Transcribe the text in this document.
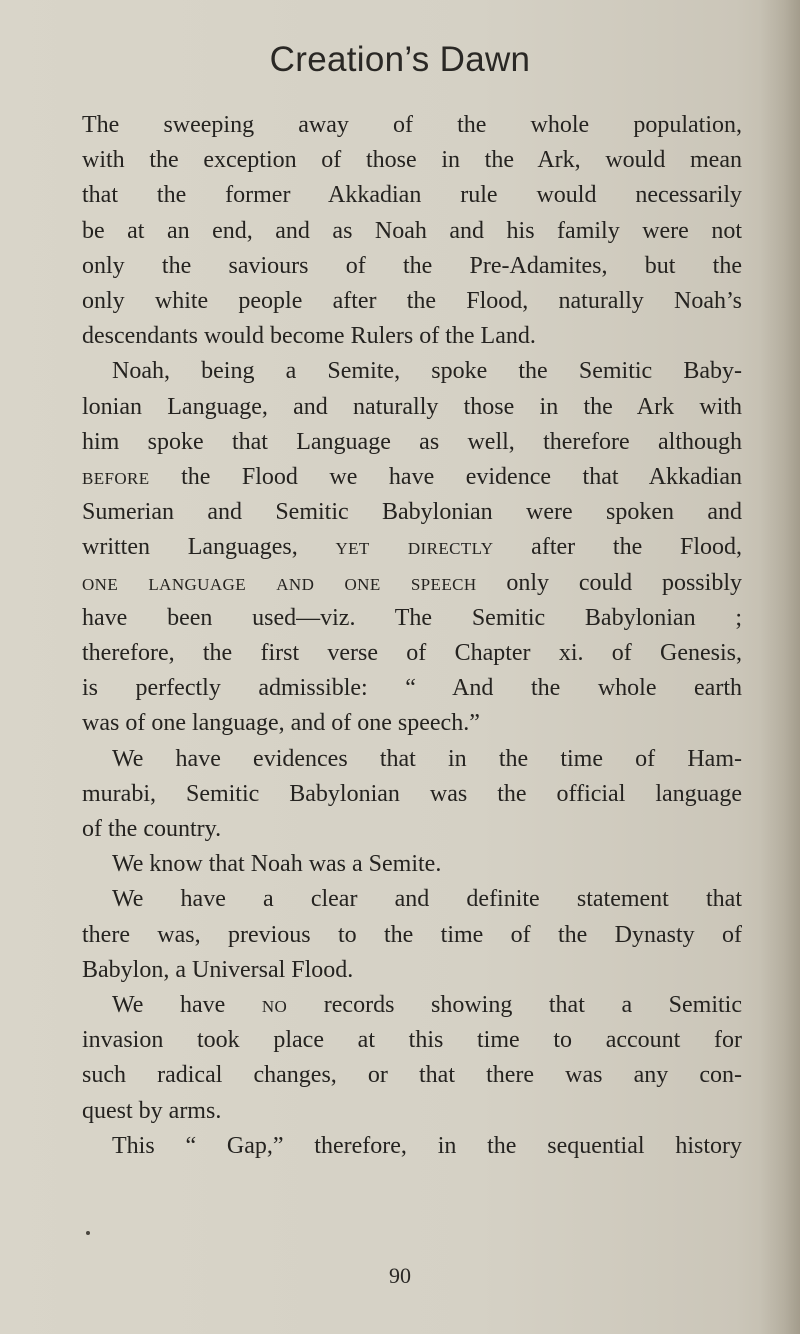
Creation’s Dawn
The sweeping away of the whole population,
with the exception of those in the Ark, would mean
that the former Akkadian rule would necessarily
be at an end, and as Noah and his family were not
only the saviours of the Pre-Adamites, but the
only white people after the Flood, naturally Noah’s
descendants would become Rulers of the Land.
Noah, being a Semite, spoke the Semitic Baby-
lonian Language, and naturally those in the Ark with
him spoke that Language as well, therefore although
before the Flood we have evidence that Akkadian
Sumerian and Semitic Babylonian were spoken and
written Languages, yet directly after the Flood,
one language and one speech only could possibly
have been used—viz. The Semitic Babylonian ;
therefore, the first verse of Chapter xi. of Genesis,
is perfectly admissible: “ And the whole earth
was of one language, and of one speech.”
We have evidences that in the time of Ham-
murabi, Semitic Babylonian was the official language
of the country.
We know that Noah was a Semite.
We have a clear and definite statement that
there was, previous to the time of the Dynasty of
Babylon, a Universal Flood.
We have no records showing that a Semitic
invasion took place at this time to account for
such radical changes, or that there was any con-
quest by arms.
This “ Gap,” therefore, in the sequential history
90
